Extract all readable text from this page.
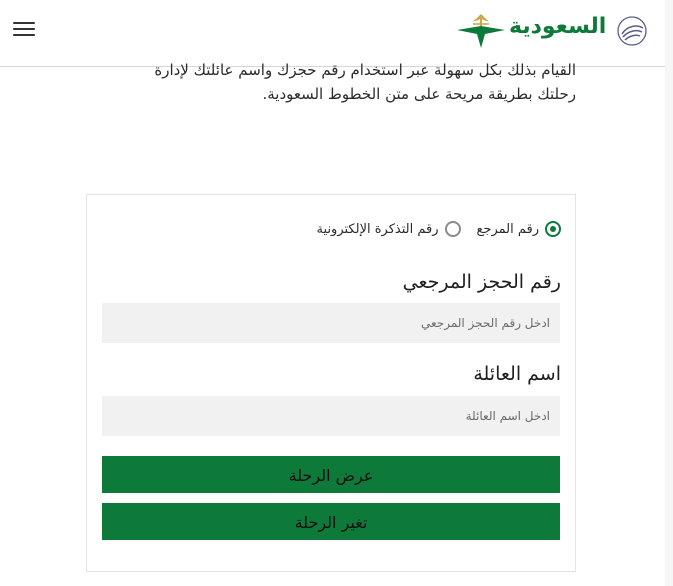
السعودية
القيام بذلك بكل سهولة عبر استخدام رقم حجزك واسم عائلتك لإدارة
رحلتك بطريقة مريحة على متن الخطوط السعودية.
رقم المرجع
رقم التذكرة الإلكترونية
رقم الحجز المرجعي
ادخل رقم الحجز المرجعي
اسم العائلة
ادخل اسم العائلة
عرض الرحلة
تغير الرحلة
